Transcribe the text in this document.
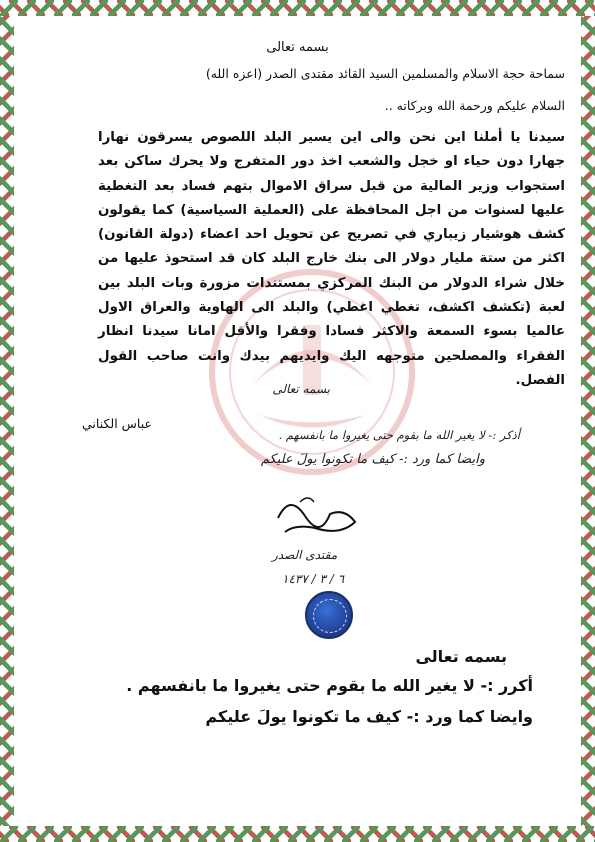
بسمه تعالى
سماحة حجة الاسلام والمسلمين السيد القائد مقتدى الصدر (اعزه الله)
السلام عليكم ورحمة الله وبركاته ..
سيدنا يا أملنا اين نحن والى اين يسير البلد اللصوص يسرقون نهارا جهارا دون حياء او خجل والشعب اخذ دور المتفرج ولا يحرك ساكن بعد استجواب وزير المالية من قبل سراق الاموال بتهم فساد بعد التغطية عليها لسنوات من اجل المحافظة على (العملية السياسية) كما يقولون كشف هوشيار زيباري في تصريح عن تحويل احد اعضاء (دولة القانون) اكثر من ستة مليار دولار الى بنك خارج البلد كان قد استحوذ عليها من خلال شراء الدولار من البنك المركزي بمستندات مزورة وبات البلد بين لعبة (تكشف اكشف، تغطي اغطي) والبلد الى الهاوية والعراق الاول عالميا بسوء السمعة والاكثر فسادا وفقرا والأقل امانا سيدنا انظار الفقراء والمصلحين متوجهه اليك وايديهم بيدك وانت صاحب القول الفصل.
بسمه تعالى
أذكر :- لا يغير الله ما بقوم حتى يغيروا ما بانفسهم .
وايضا كما ورد :- كيف ما تكونوا يولَ عليكم
عباس الكناني
مقتدى الصدر
٦ / ٣ / ١٤٣٧
بسمه تعالى
أكرر :- لا يغير الله ما بقوم حتى يغيروا ما بانفسهم .
وايضا كما ورد :- كيف ما تكونوا يولَ عليكم
